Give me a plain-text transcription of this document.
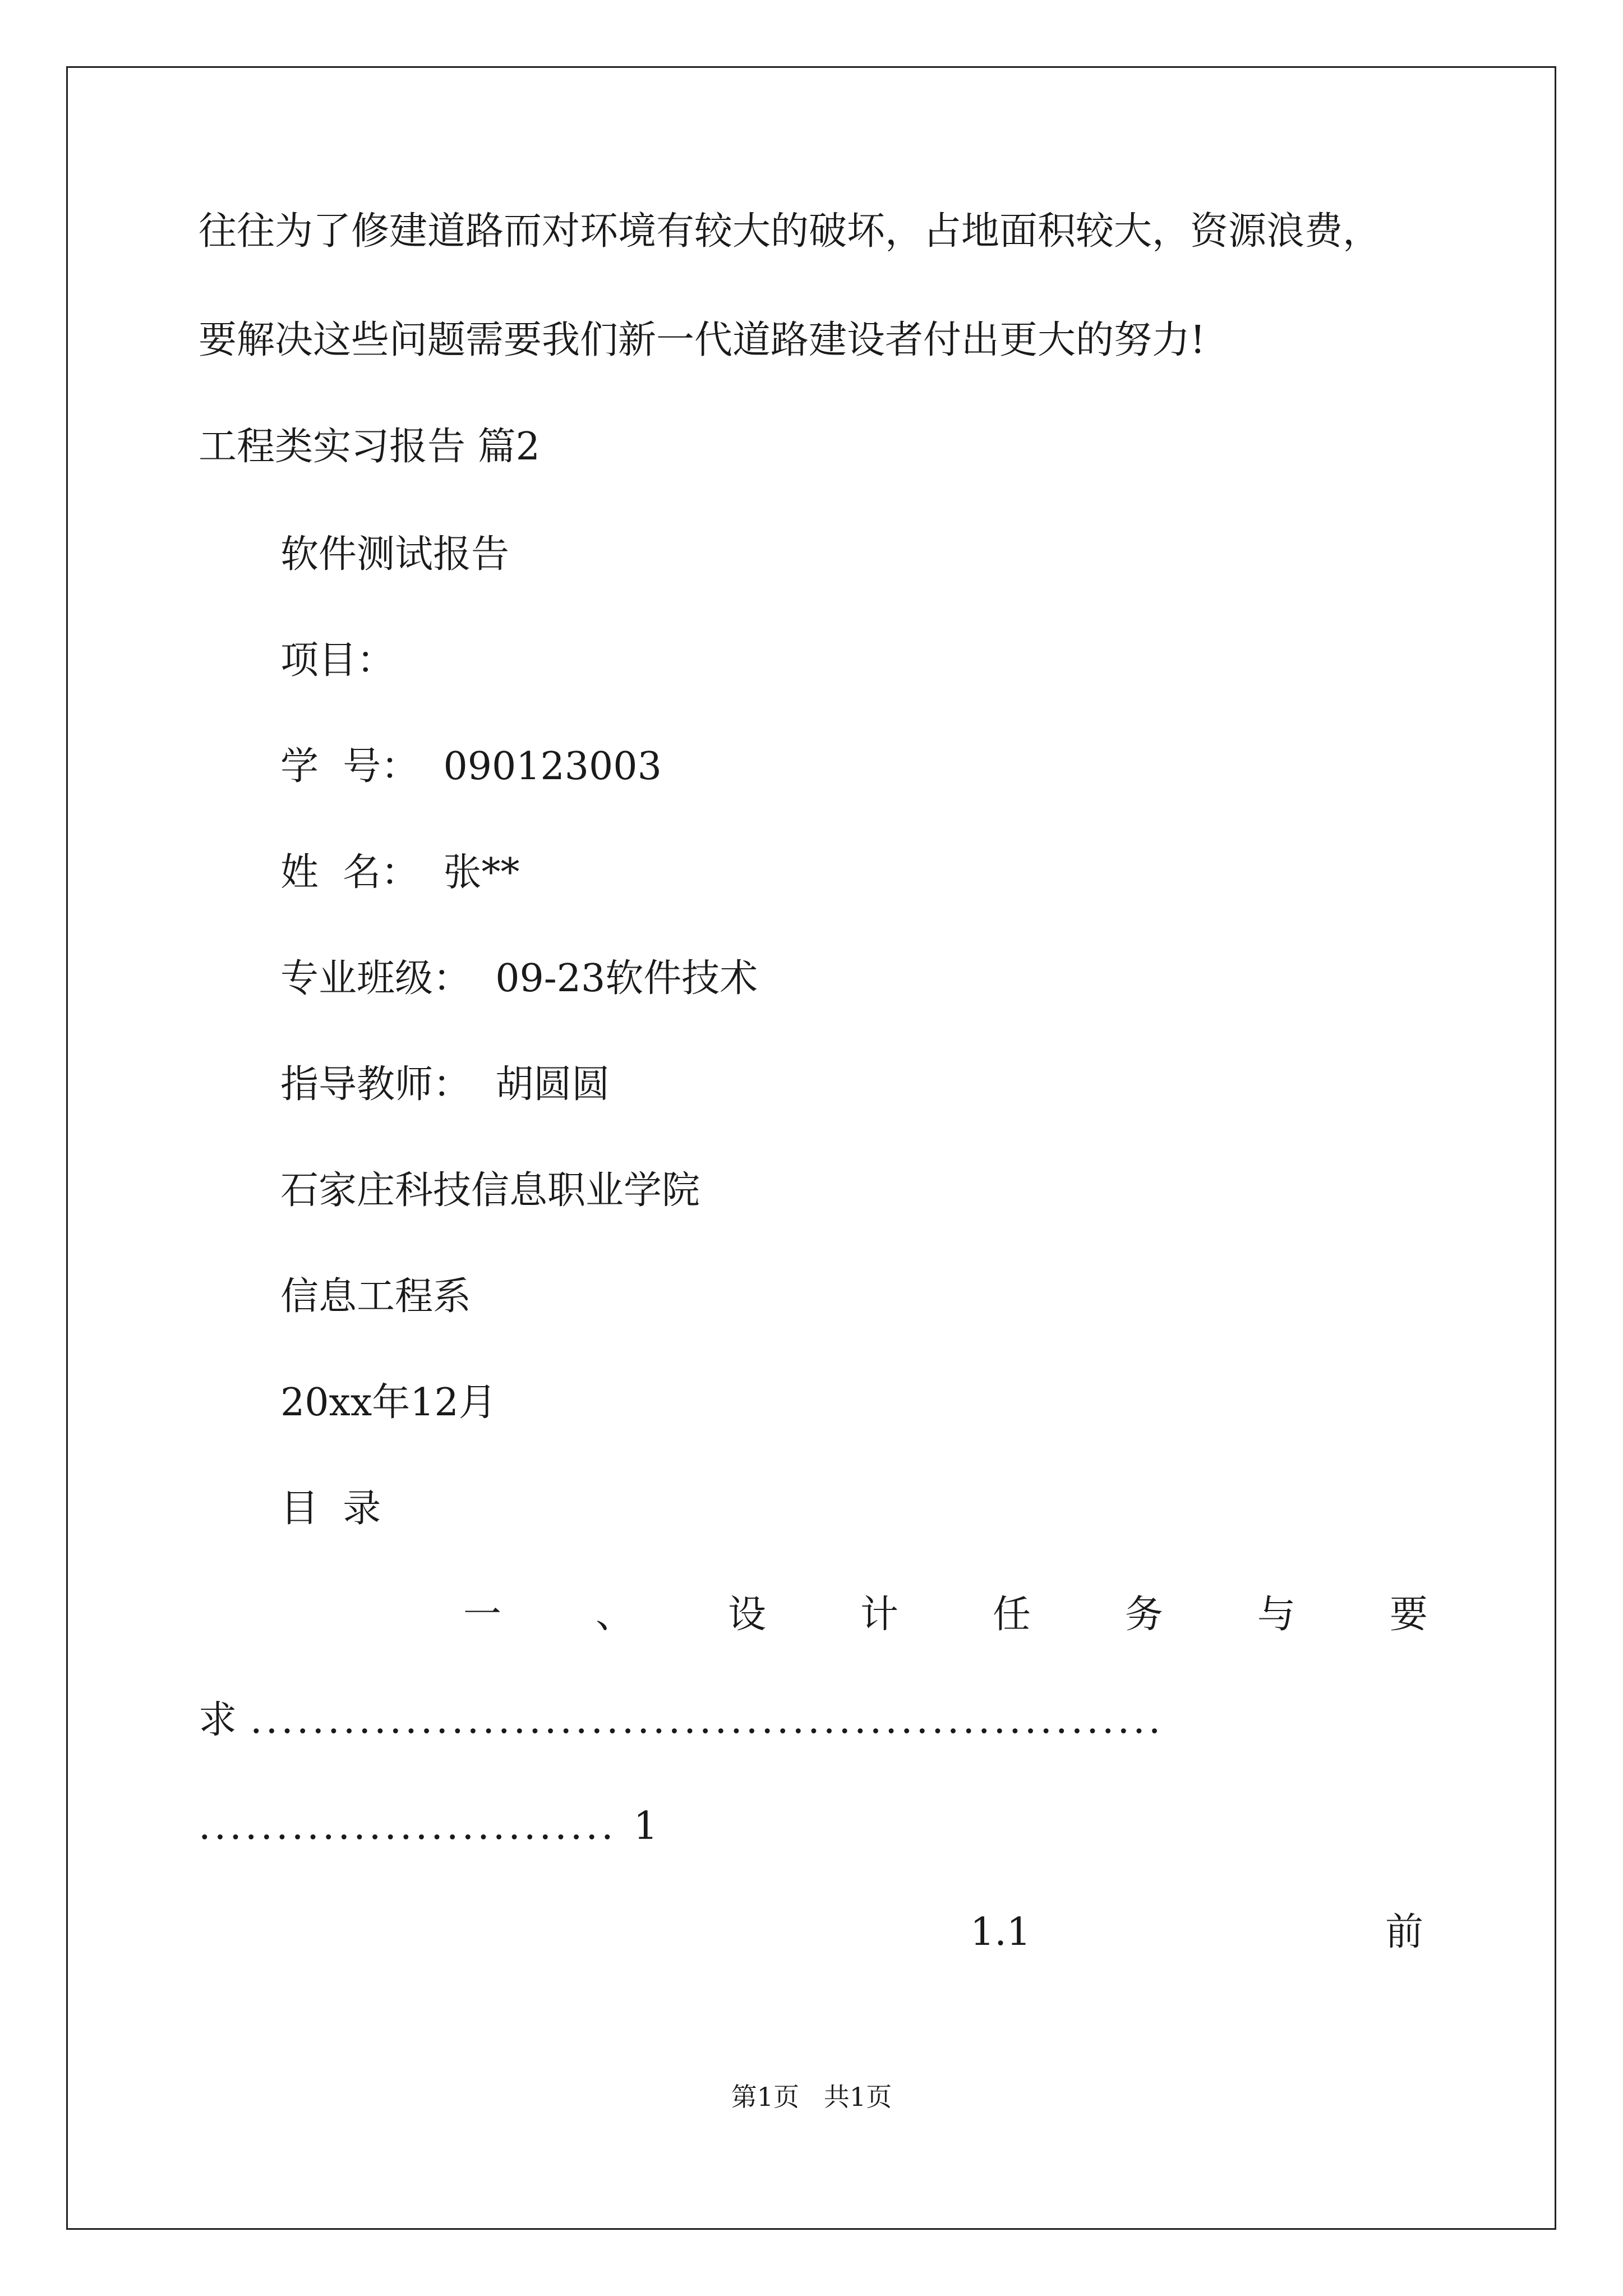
往往为了修建道路而对环境有较大的破坏，占地面积较大，资源浪费，
要解决这些问题需要我们新一代道路建设者付出更大的努力!
工程类实习报告 篇2
软件测试报告
项目：
学  号：  090123003
姓  名：  张**
专业班级：  09-23软件技术
指导教师：  胡圆圆
石家庄科技信息职业学院
信息工程系
20xx年12月
目  录
一 、 设 计 任 务 与 要
求 ...........................................................
........................... 1
1.1	前
第1页   共1页
